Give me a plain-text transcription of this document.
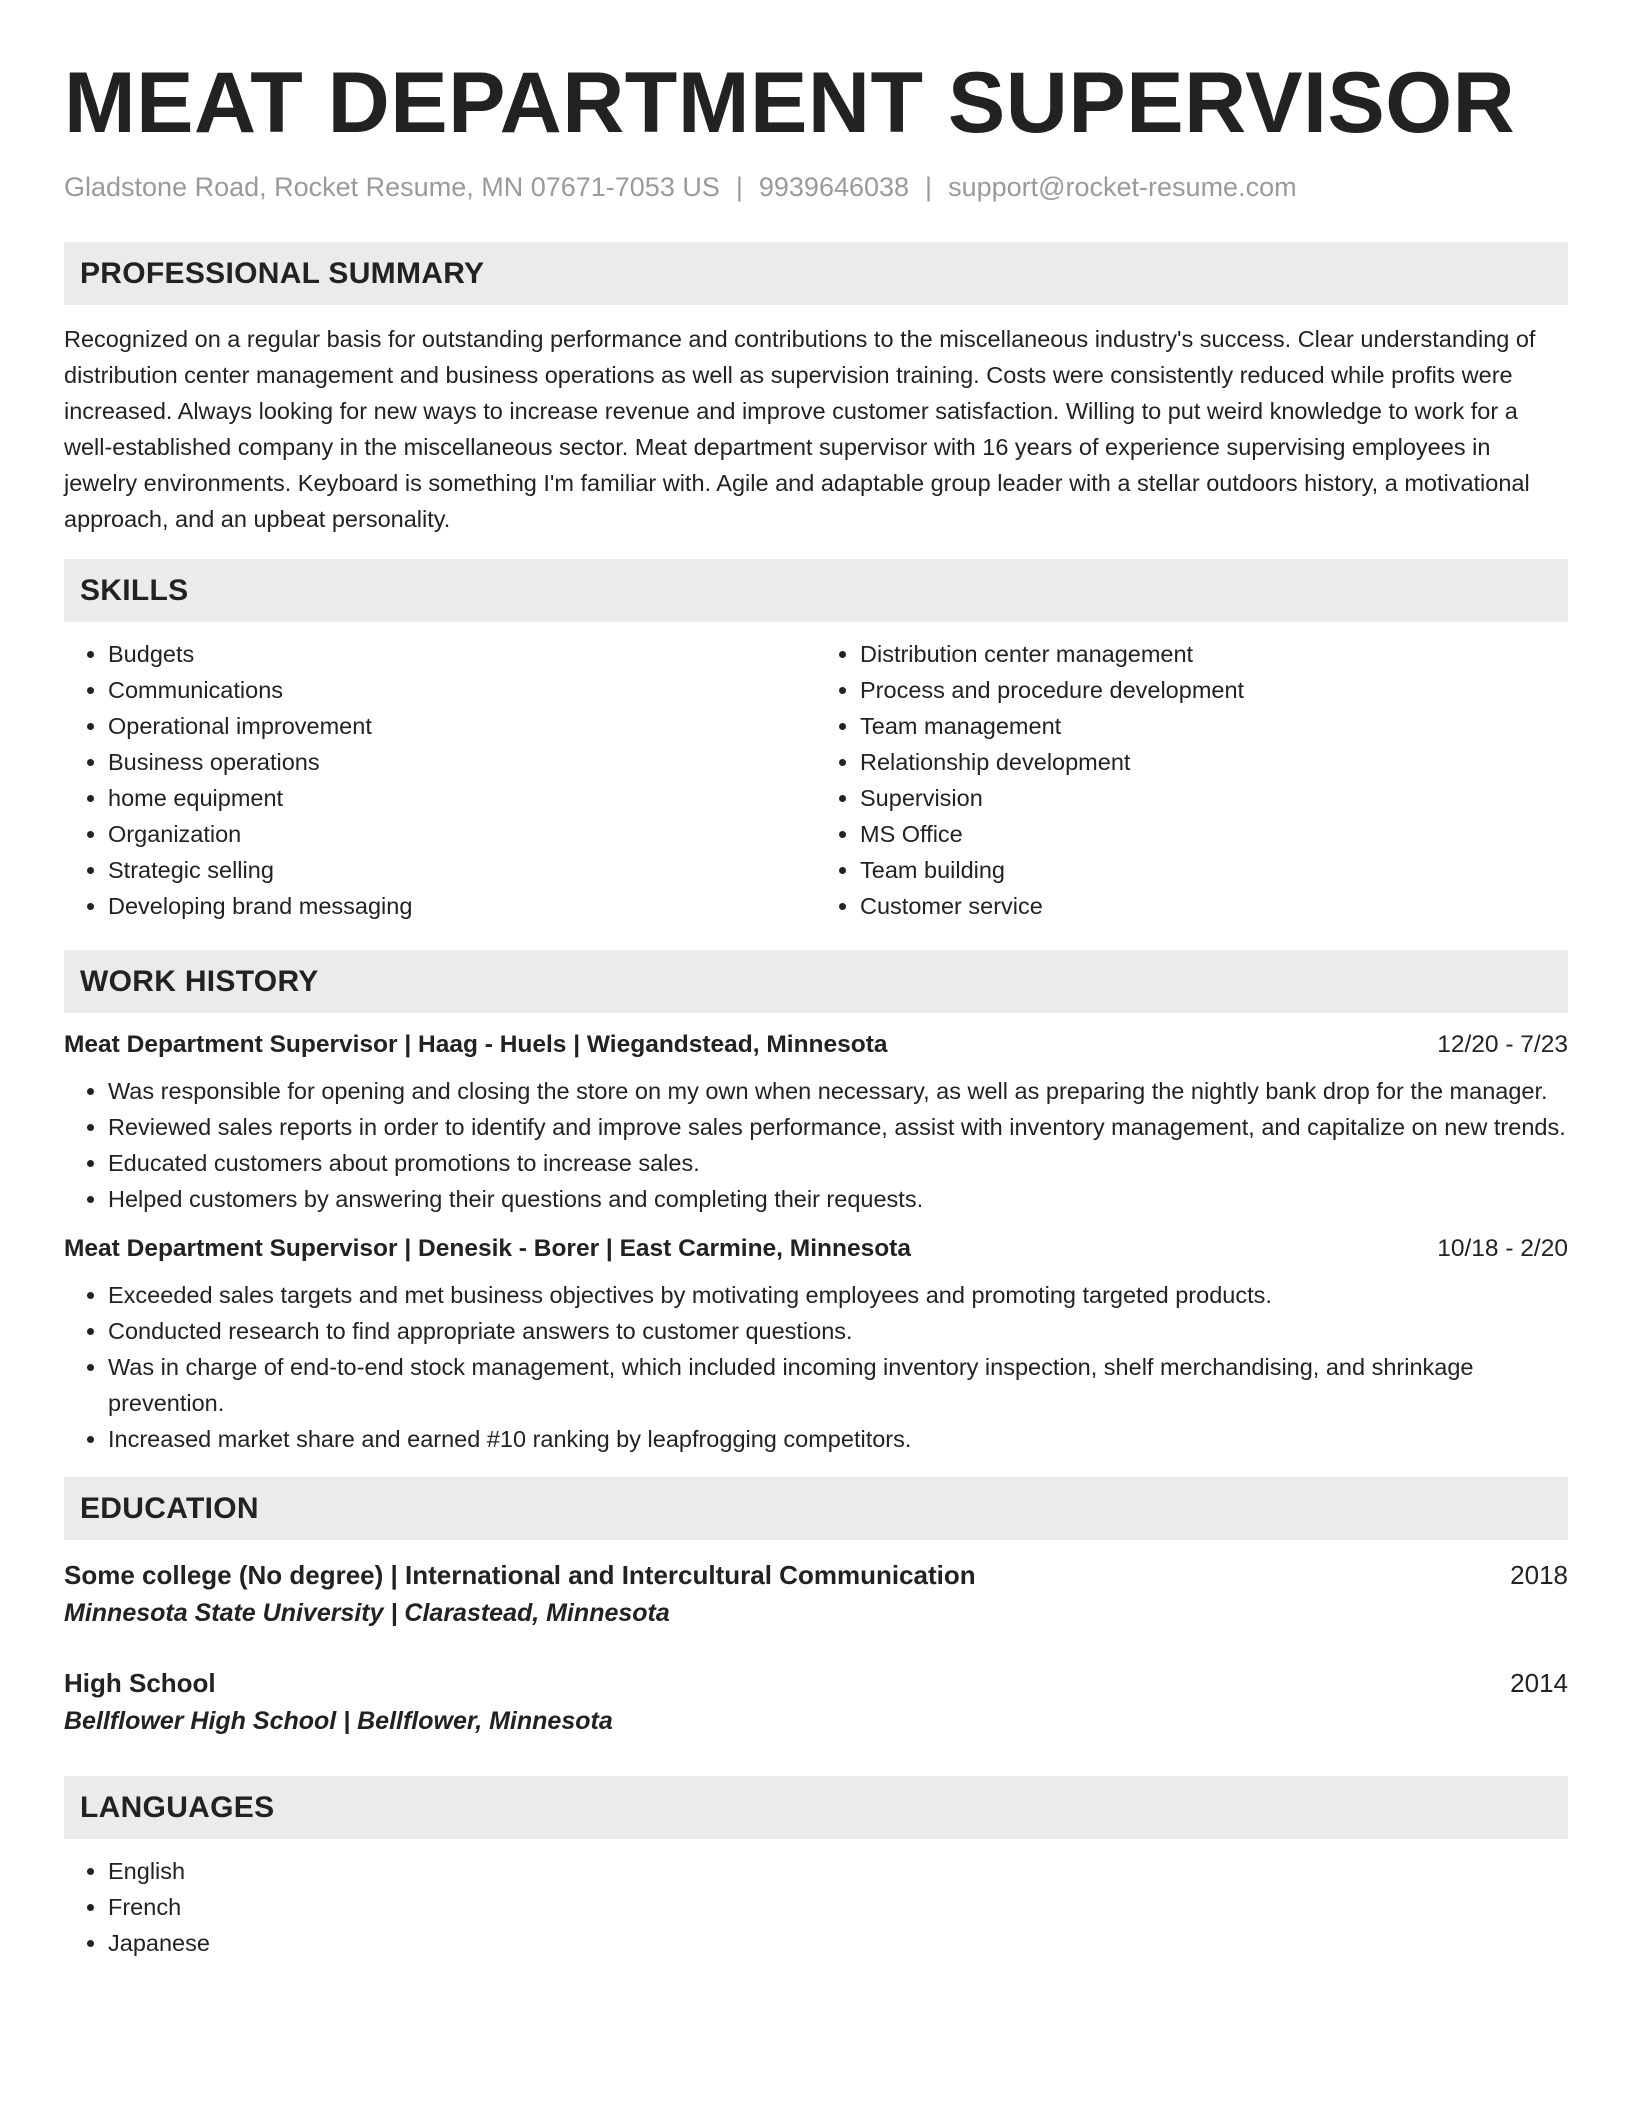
MEAT DEPARTMENT SUPERVISOR
Gladstone Road, Rocket Resume, MN 07671-7053 US | 9939646038 | support@rocket-resume.com
PROFESSIONAL SUMMARY
Recognized on a regular basis for outstanding performance and contributions to the miscellaneous industry's success. Clear understanding of distribution center management and business operations as well as supervision training. Costs were consistently reduced while profits were increased. Always looking for new ways to increase revenue and improve customer satisfaction. Willing to put weird knowledge to work for a well-established company in the miscellaneous sector. Meat department supervisor with 16 years of experience supervising employees in jewelry environments. Keyboard is something I'm familiar with. Agile and adaptable group leader with a stellar outdoors history, a motivational approach, and an upbeat personality.
SKILLS
• Budgets
• Communications
• Operational improvement
• Business operations
• home equipment
• Organization
• Strategic selling
• Developing brand messaging
• Distribution center management
• Process and procedure development
• Team management
• Relationship development
• Supervision
• MS Office
• Team building
• Customer service
WORK HISTORY
Meat Department Supervisor | Haag - Huels | Wiegandstead, Minnesota	12/20 - 7/23
• Was responsible for opening and closing the store on my own when necessary, as well as preparing the nightly bank drop for the manager.
• Reviewed sales reports in order to identify and improve sales performance, assist with inventory management, and capitalize on new trends.
• Educated customers about promotions to increase sales.
• Helped customers by answering their questions and completing their requests.
Meat Department Supervisor | Denesik - Borer | East Carmine, Minnesota	10/18 - 2/20
• Exceeded sales targets and met business objectives by motivating employees and promoting targeted products.
• Conducted research to find appropriate answers to customer questions.
• Was in charge of end-to-end stock management, which included incoming inventory inspection, shelf merchandising, and shrinkage prevention.
• Increased market share and earned #10 ranking by leapfrogging competitors.
EDUCATION
Some college (No degree) | International and Intercultural Communication	2018
Minnesota State University | Clarastead, Minnesota
High School	2014
Bellflower High School | Bellflower, Minnesota
LANGUAGES
• English
• French
• Japanese
